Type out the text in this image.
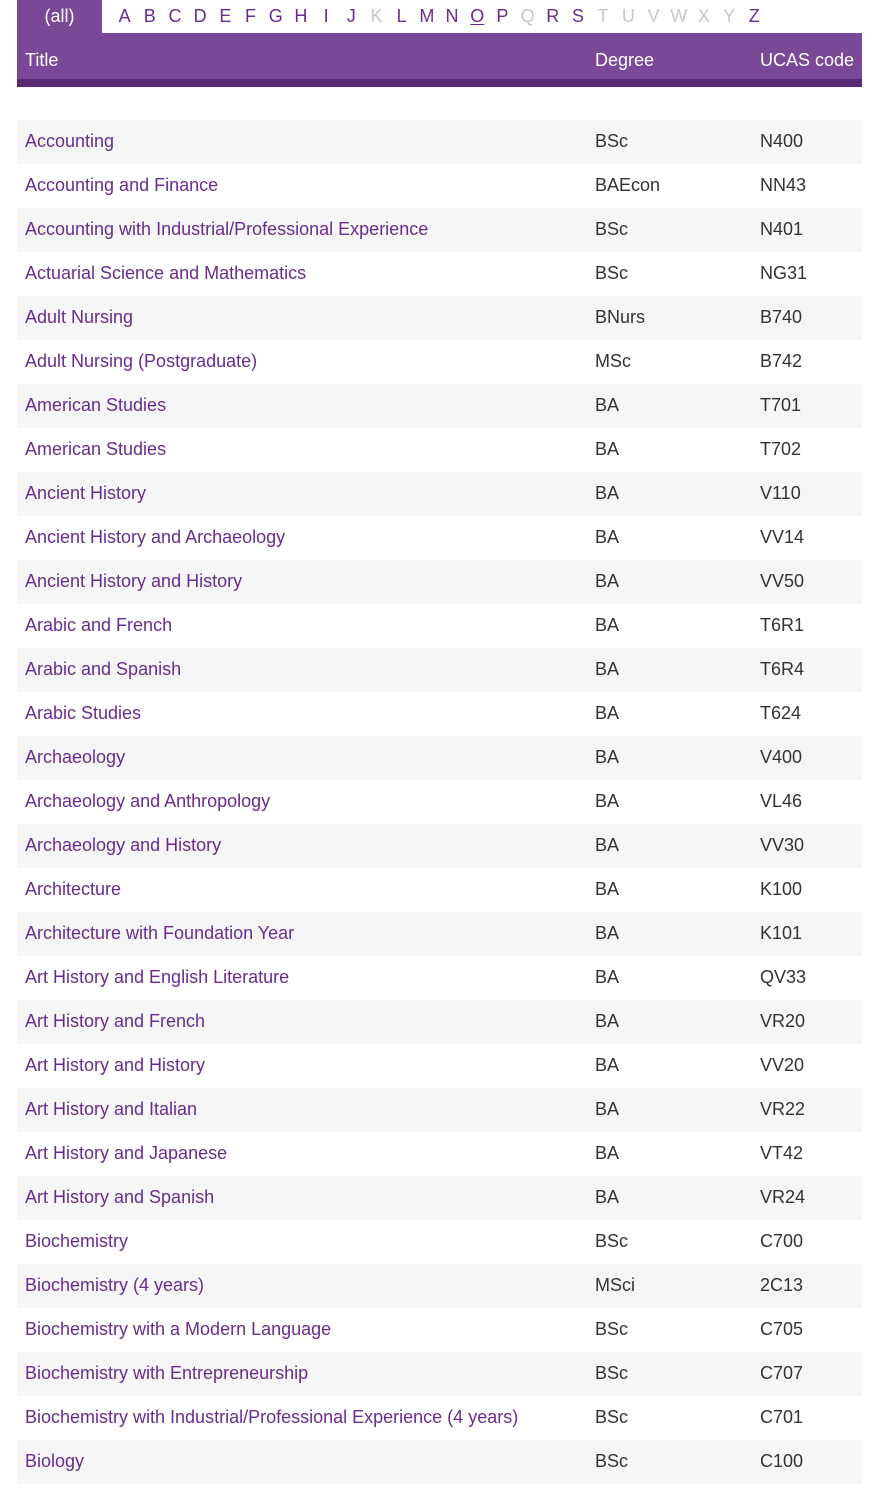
(all)	A B C D E F G H I	J K L M N O P Q R S T U V W X Y Z
Title	Degree	UCAS code
Accounting	BSc	N400
Accounting and Finance	BAEcon	NN43
Accounting with Industrial/Professional Experience	BSc	N401
Actuarial Science and Mathematics	BSc	NG31
Adult Nursing	BNurs	B740
Adult Nursing (Postgraduate)	MSc	B742
American Studies	BA	T701
American Studies	BA	T702
Ancient History	BA	V110
Ancient History and Archaeology	BA	VV14
Ancient History and History	BA	VV50
Arabic and French	BA	T6R1
Arabic and Spanish	BA	T6R4
Arabic Studies	BA	T624
Archaeology	BA	V400
Archaeology and Anthropology	BA	VL46
Archaeology and History	BA	VV30
Architecture	BA	K100
Architecture with Foundation Year	BA	K101
Art History and English Literature	BA	QV33
Art History and French	BA	VR20
Art History and History	BA	VV20
Art History and Italian	BA	VR22
Art History and Japanese	BA	VT42
Art History and Spanish	BA	VR24
Biochemistry	BSc	C700
Biochemistry (4 years)	MSci	2C13
Biochemistry with a Modern Language	BSc	C705
Biochemistry with Entrepreneurship	BSc	C707
Biochemistry with Industrial/Professional Experience (4 years)	BSc	C701
Biology	BSc	C100
